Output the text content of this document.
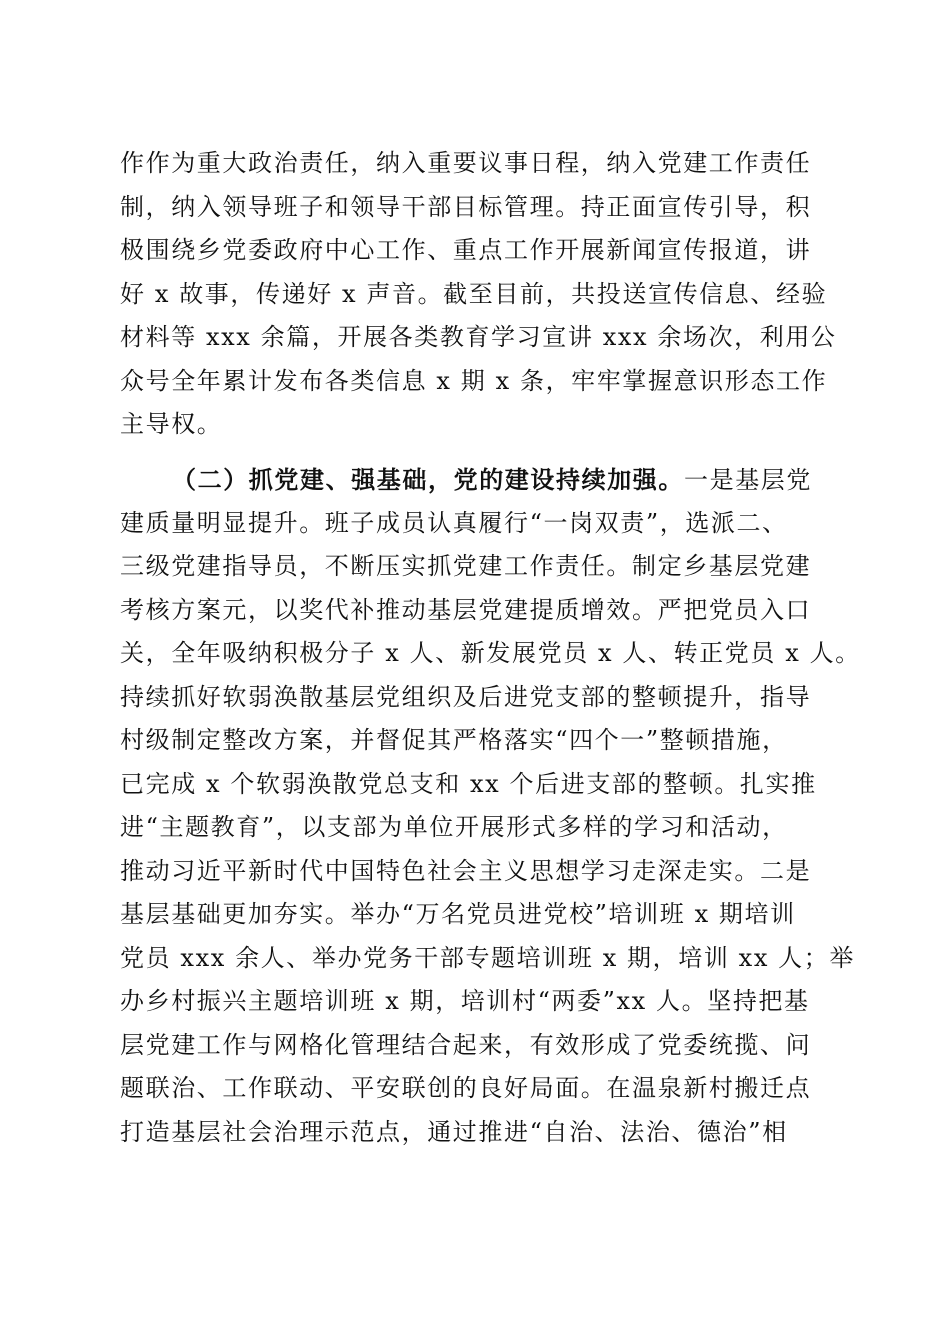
作作为重大政治责任，纳入重要议事日程，纳入党建工作责任
制，纳入领导班子和领导干部目标管理。持正面宣传引导，积
极围绕乡党委政府中心工作、重点工作开展新闻宣传报道，讲
好 x 故事，传递好 x 声音。截至目前，共投送宣传信息、经验
材料等 xxx 余篇，开展各类教育学习宣讲 xxx 余场次，利用公
众号全年累计发布各类信息 x 期 x 条，牢牢掌握意识形态工作
主导权。
（二）抓党建、强基础，党的建设持续加强。一是基层党
建质量明显提升。班子成员认真履行“一岗双责”，选派二、
三级党建指导员，不断压实抓党建工作责任。制定乡基层党建
考核方案元，以奖代补推动基层党建提质增效。严把党员入口
关，全年吸纳积极分子 x 人、新发展党员 x 人、转正党员 x 人。
持续抓好软弱涣散基层党组织及后进党支部的整顿提升，指导
村级制定整改方案，并督促其严格落实“四个一”整顿措施，
已完成 x 个软弱涣散党总支和 xx 个后进支部的整顿。扎实推
进“主题教育”，以支部为单位开展形式多样的学习和活动，
推动习近平新时代中国特色社会主义思想学习走深走实。二是
基层基础更加夯实。举办“万名党员进党校”培训班 x 期培训
党员 xxx 余人、举办党务干部专题培训班 x 期，培训 xx 人；举
办乡村振兴主题培训班 x 期，培训村“两委”xx 人。坚持把基
层党建工作与网格化管理结合起来，有效形成了党委统揽、问
题联治、工作联动、平安联创的良好局面。在温泉新村搬迁点
打造基层社会治理示范点，通过推进“自治、法治、德治”相
